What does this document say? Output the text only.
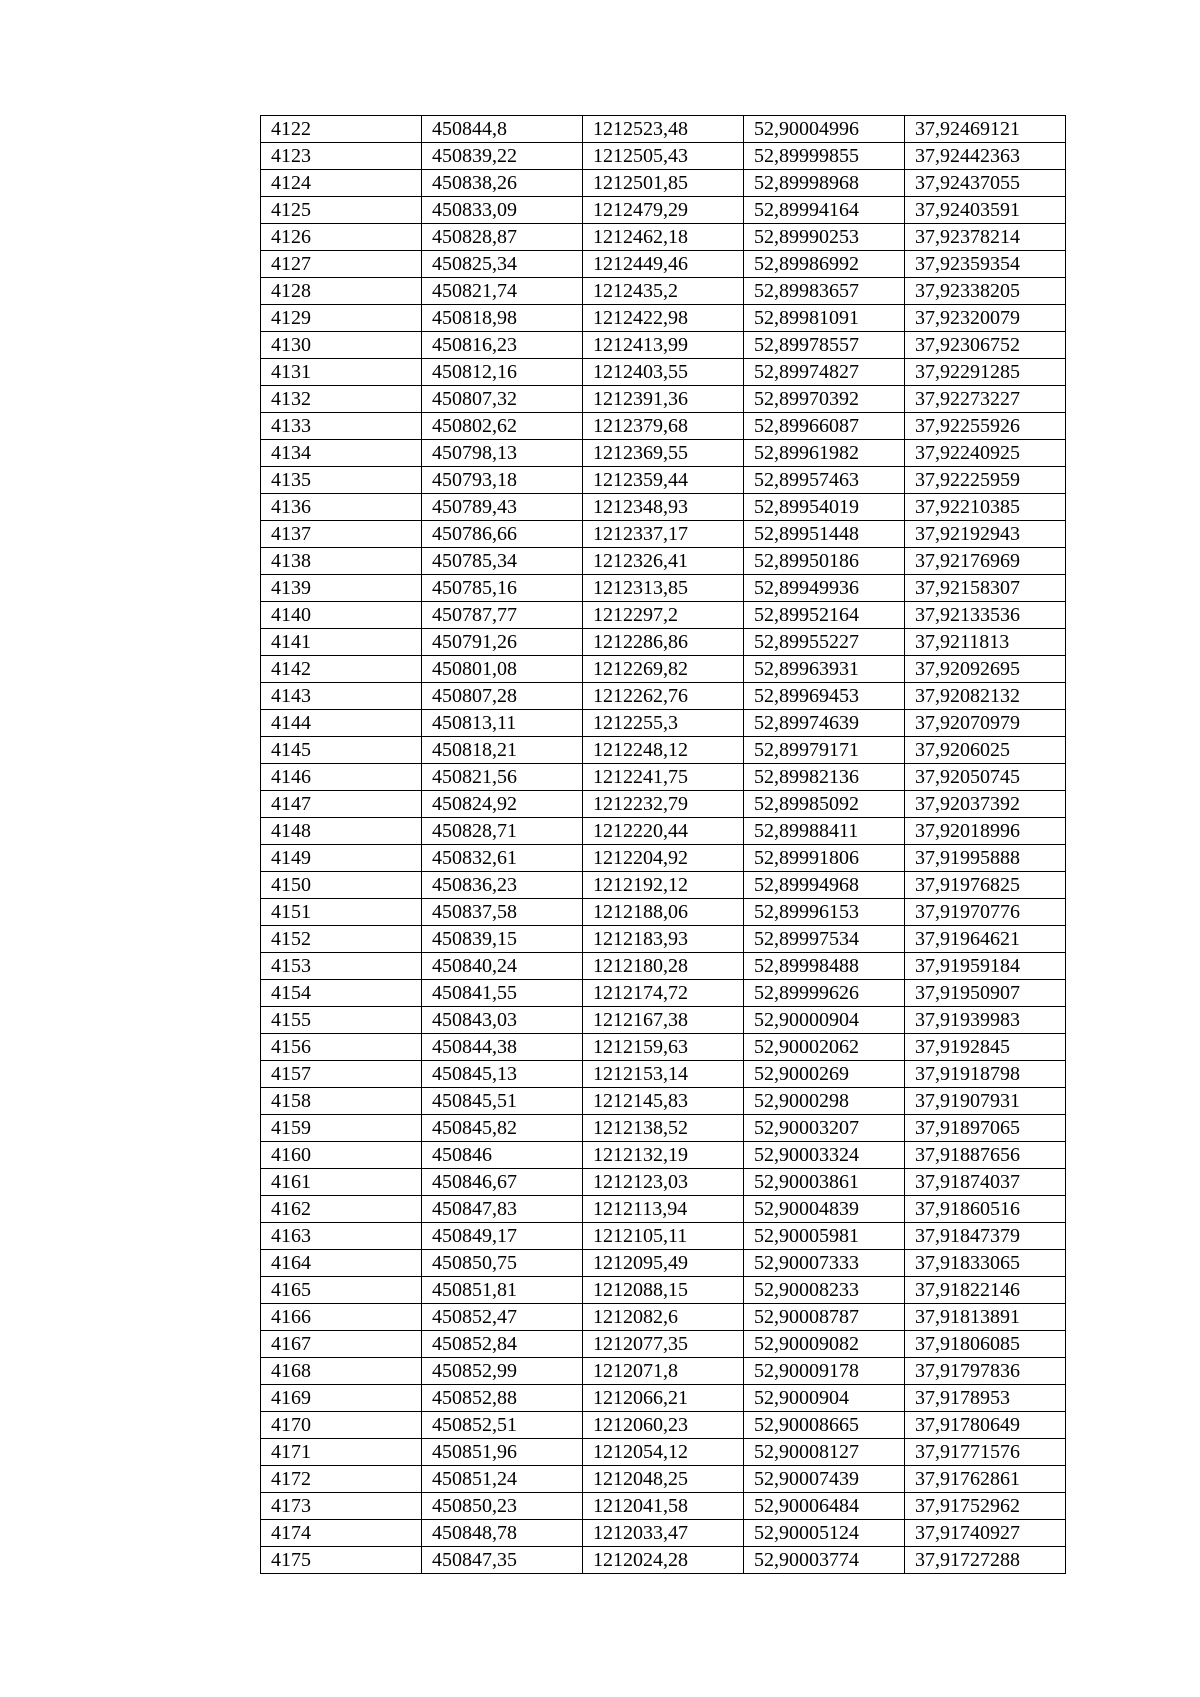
4122	450844,8	1212523,48	52,90004996	37,92469121
4123	450839,22	1212505,43	52,89999855	37,92442363
4124	450838,26	1212501,85	52,89998968	37,92437055
4125	450833,09	1212479,29	52,89994164	37,92403591
4126	450828,87	1212462,18	52,89990253	37,92378214
4127	450825,34	1212449,46	52,89986992	37,92359354
4128	450821,74	1212435,2	52,89983657	37,92338205
4129	450818,98	1212422,98	52,89981091	37,92320079
4130	450816,23	1212413,99	52,89978557	37,92306752
4131	450812,16	1212403,55	52,89974827	37,92291285
4132	450807,32	1212391,36	52,89970392	37,92273227
4133	450802,62	1212379,68	52,89966087	37,92255926
4134	450798,13	1212369,55	52,89961982	37,92240925
4135	450793,18	1212359,44	52,89957463	37,92225959
4136	450789,43	1212348,93	52,89954019	37,92210385
4137	450786,66	1212337,17	52,89951448	37,92192943
4138	450785,34	1212326,41	52,89950186	37,92176969
4139	450785,16	1212313,85	52,89949936	37,92158307
4140	450787,77	1212297,2	52,89952164	37,92133536
4141	450791,26	1212286,86	52,89955227	37,9211813
4142	450801,08	1212269,82	52,89963931	37,92092695
4143	450807,28	1212262,76	52,89969453	37,92082132
4144	450813,11	1212255,3	52,89974639	37,92070979
4145	450818,21	1212248,12	52,89979171	37,9206025
4146	450821,56	1212241,75	52,89982136	37,92050745
4147	450824,92	1212232,79	52,89985092	37,92037392
4148	450828,71	1212220,44	52,89988411	37,92018996
4149	450832,61	1212204,92	52,89991806	37,91995888
4150	450836,23	1212192,12	52,89994968	37,91976825
4151	450837,58	1212188,06	52,89996153	37,91970776
4152	450839,15	1212183,93	52,89997534	37,91964621
4153	450840,24	1212180,28	52,89998488	37,91959184
4154	450841,55	1212174,72	52,89999626	37,91950907
4155	450843,03	1212167,38	52,90000904	37,91939983
4156	450844,38	1212159,63	52,90002062	37,9192845
4157	450845,13	1212153,14	52,9000269	37,91918798
4158	450845,51	1212145,83	52,9000298	37,91907931
4159	450845,82	1212138,52	52,90003207	37,91897065
4160	450846	1212132,19	52,90003324	37,91887656
4161	450846,67	1212123,03	52,90003861	37,91874037
4162	450847,83	1212113,94	52,90004839	37,91860516
4163	450849,17	1212105,11	52,90005981	37,91847379
4164	450850,75	1212095,49	52,90007333	37,91833065
4165	450851,81	1212088,15	52,90008233	37,91822146
4166	450852,47	1212082,6	52,90008787	37,91813891
4167	450852,84	1212077,35	52,90009082	37,91806085
4168	450852,99	1212071,8	52,90009178	37,91797836
4169	450852,88	1212066,21	52,9000904	37,9178953
4170	450852,51	1212060,23	52,90008665	37,91780649
4171	450851,96	1212054,12	52,90008127	37,91771576
4172	450851,24	1212048,25	52,90007439	37,91762861
4173	450850,23	1212041,58	52,90006484	37,91752962
4174	450848,78	1212033,47	52,90005124	37,91740927
4175	450847,35	1212024,28	52,90003774	37,91727288
